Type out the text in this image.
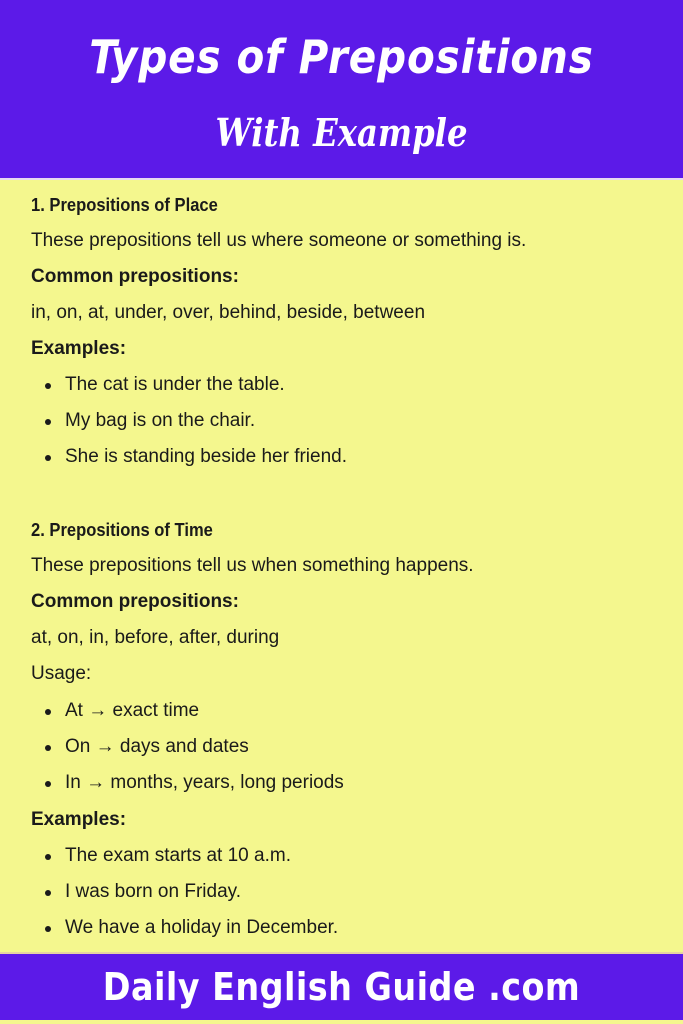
Types of Prepositions
With Example
1. Prepositions of Place
These prepositions tell us where someone or something is.
Common prepositions:
in, on, at, under, over, behind, beside, between
Examples:
The cat is under the table.
My bag is on the chair.
She is standing beside her friend.
2. Prepositions of Time
These prepositions tell us when something happens.
Common prepositions:
at, on, in, before, after, during
Usage:
At → exact time
On → days and dates
In → months, years, long periods
Examples:
The exam starts at 10 a.m.
I was born on Friday.
We have a holiday in December.
Daily English Guide .com
